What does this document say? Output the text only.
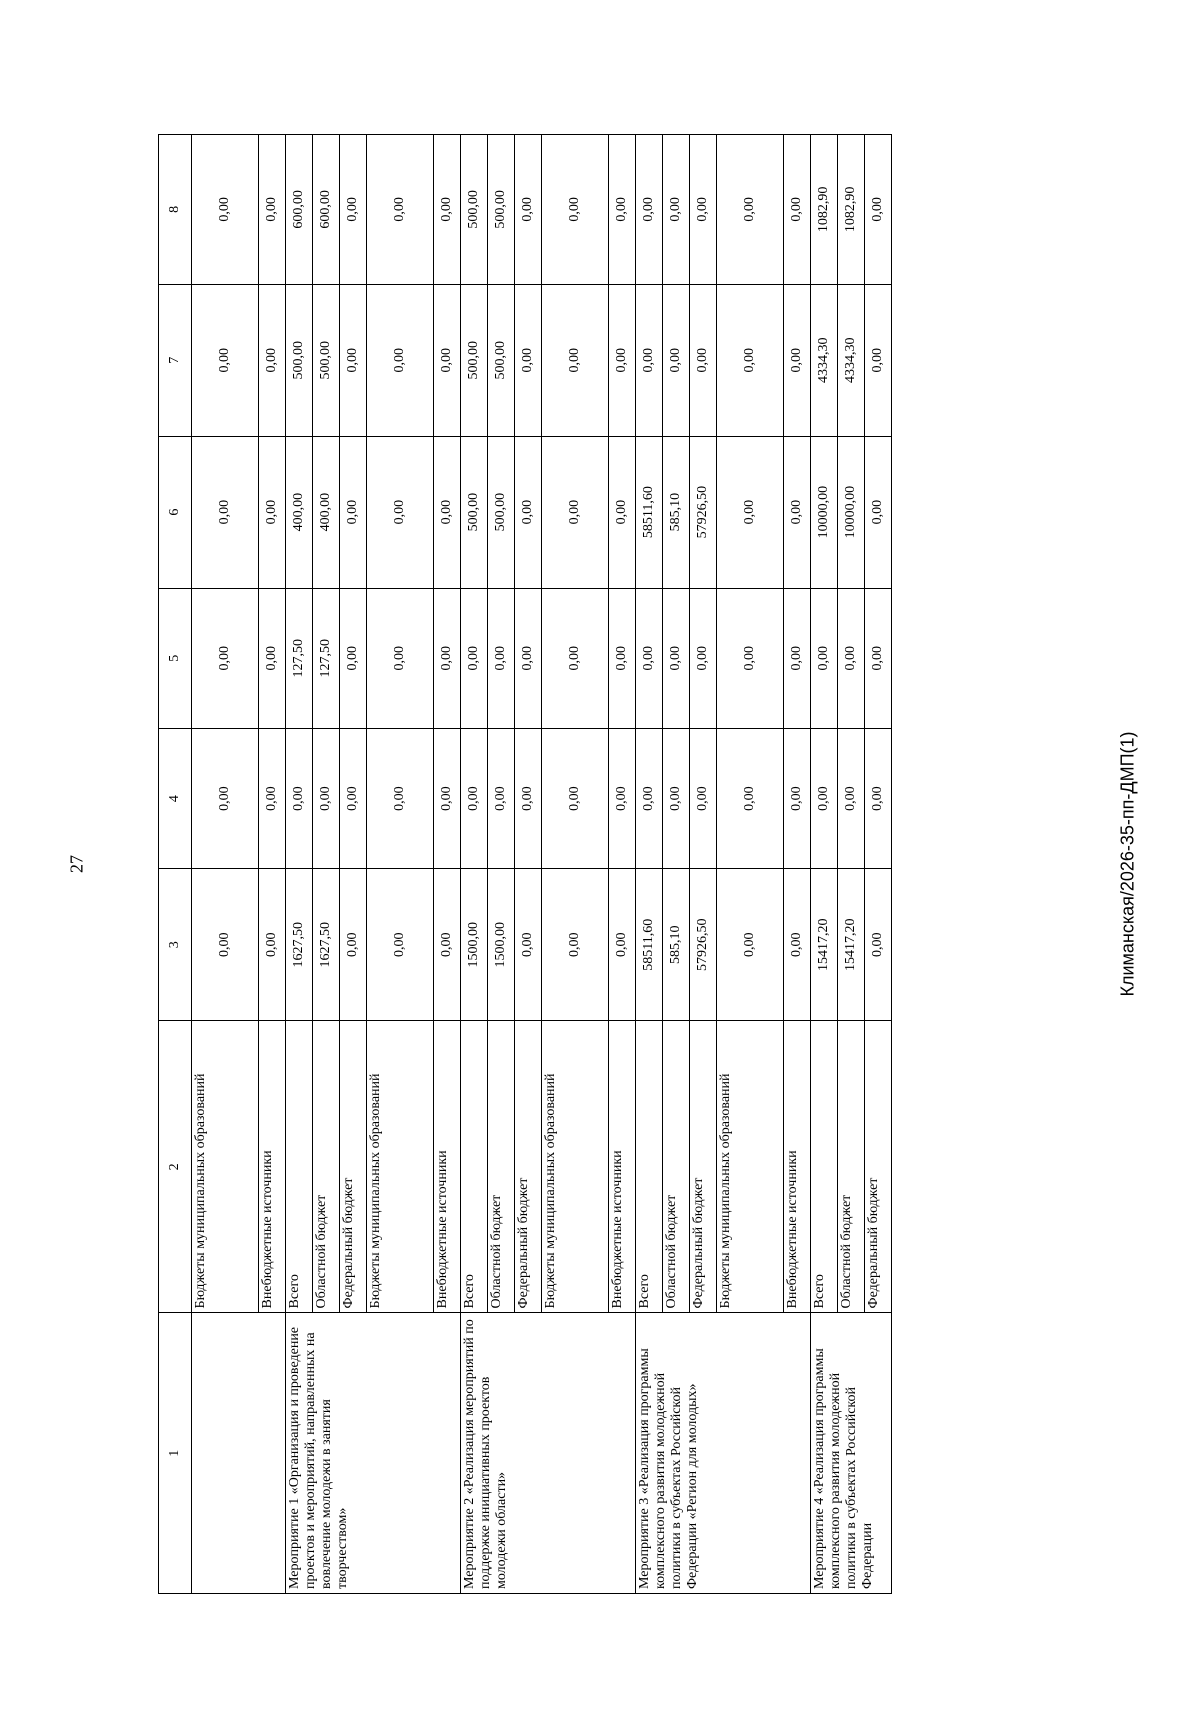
27
1	2	3	4	5	6	7	8
	Бюджеты муниципальных образований	0,00	0,00	0,00	0,00	0,00	0,00
	Внебюджетные источники	0,00	0,00	0,00	0,00	0,00	0,00
Мероприятие 1 «Организация и проведение проектов и мероприятий, направленных на вовлечение молодежи в занятия творчеством»	Всего	1627,50	0,00	127,50	400,00	500,00	600,00
	Областной бюджет	1627,50	0,00	127,50	400,00	500,00	600,00
	Федеральный бюджет	0,00	0,00	0,00	0,00	0,00	0,00
	Бюджеты муниципальных образований	0,00	0,00	0,00	0,00	0,00	0,00
	Внебюджетные источники	0,00	0,00	0,00	0,00	0,00	0,00
Мероприятие 2 «Реализация мероприятий по поддержке инициативных проектов молодежи области»	Всего	1500,00	0,00	0,00	500,00	500,00	500,00
	Областной бюджет	1500,00	0,00	0,00	500,00	500,00	500,00
	Федеральный бюджет	0,00	0,00	0,00	0,00	0,00	0,00
	Бюджеты муниципальных образований	0,00	0,00	0,00	0,00	0,00	0,00
	Внебюджетные источники	0,00	0,00	0,00	0,00	0,00	0,00
Мероприятие 3 «Реализация программы комплексного развития молодежной политики в субъектах Российской Федерации «Регион для молодых»	Всего	58511,60	0,00	0,00	58511,60	0,00	0,00
	Областной бюджет	585,10	0,00	0,00	585,10	0,00	0,00
	Федеральный бюджет	57926,50	0,00	0,00	57926,50	0,00	0,00
	Бюджеты муниципальных образований	0,00	0,00	0,00	0,00	0,00	0,00
	Внебюджетные источники	0,00	0,00	0,00	0,00	0,00	0,00
Мероприятие 4 «Реализация программы комплексного развития молодежной политики в субъектах Российской Федерации	Всего	15417,20	0,00	0,00	10000,00	4334,30	1082,90
	Областной бюджет	15417,20	0,00	0,00	10000,00	4334,30	1082,90
	Федеральный бюджет	0,00	0,00	0,00	0,00	0,00	0,00
Климанская/2026-35-пп-ДМП(1)
